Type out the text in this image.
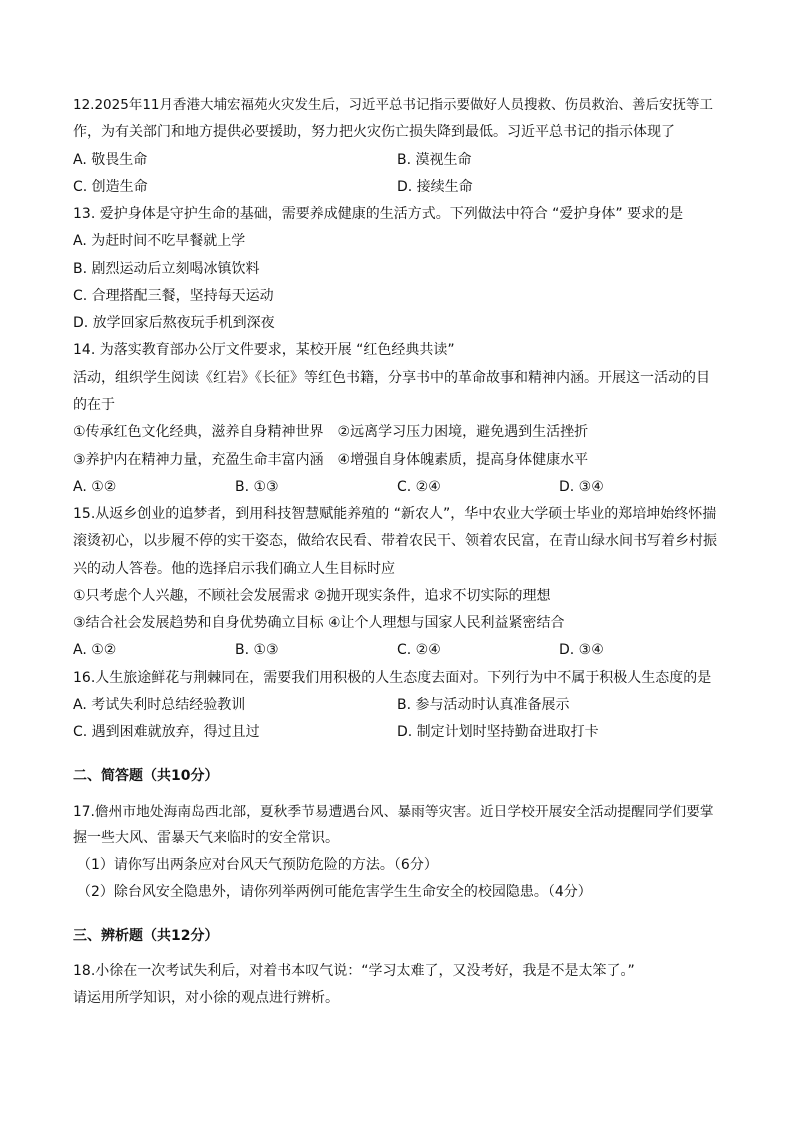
12.2025年11月香港大埔宏福苑火灾发生后，习近平总书记指示要做好人员搜救、伤员救治、善后安抚等工
作，为有关部门和地方提供必要援助，努力把火灾伤亡损失降到最低。习近平总书记的指示体现了
A. 敬畏生命	B. 漠视生命
C. 创造生命	D. 接续生命
13. 爱护身体是守护生命的基础，需要养成健康的生活方式。下列做法中符合 “爱护身体” 要求的是
A. 为赶时间不吃早餐就上学
B. 剧烈运动后立刻喝冰镇饮料
C. 合理搭配三餐，坚持每天运动
D. 放学回家后熬夜玩手机到深夜
14. 为落实教育部办公厅文件要求，某校开展 “红色经典共读”
活动，组织学生阅读《红岩》《长征》等红色书籍，分享书中的革命故事和精神内涵。开展这一活动的目
的在于
①传承红色文化经典，滋养自身精神世界　②远离学习压力困境，避免遇到生活挫折
③养护内在精神力量，充盈生命丰富内涵　④增强自身体魄素质，提高身体健康水平
A. ①②	B. ①③	C. ②④	D. ③④
15.从返乡创业的追梦者，到用科技智慧赋能养殖的 “新农人”，华中农业大学硕士毕业的郑培坤始终怀揣
滚烫初心，以步履不停的实干姿态，做给农民看、带着农民干、领着农民富，在青山绿水间书写着乡村振
兴的动人答卷。他的选择启示我们确立人生目标时应
①只考虑个人兴趣，不顾社会发展需求 ②抛开现实条件，追求不切实际的理想
③结合社会发展趋势和自身优势确立目标 ④让个人理想与国家人民利益紧密结合
A. ①②	B. ①③	C. ②④	D. ③④
16.人生旅途鲜花与荆棘同在，需要我们用积极的人生态度去面对。下列行为中不属于积极人生态度的是
A. 考试失利时总结经验教训	B. 参与活动时认真准备展示
C. 遇到困难就放弃，得过且过	D. 制定计划时坚持勤奋进取打卡
二、简答题（共10分）
17.儋州市地处海南岛西北部，夏秋季节易遭遇台风、暴雨等灾害。近日学校开展安全活动提醒同学们要掌
握一些大风、雷暴天气来临时的安全常识。
（1）请你写出两条应对台风天气预防危险的方法。（6分）
（2）除台风安全隐患外，请你列举两例可能危害学生生命安全的校园隐患。（4分）
三、辨析题（共12分）
18.小徐在一次考试失利后，对着书本叹气说：“学习太难了，又没考好，我是不是太笨了。”
请运用所学知识，对小徐的观点进行辨析。
